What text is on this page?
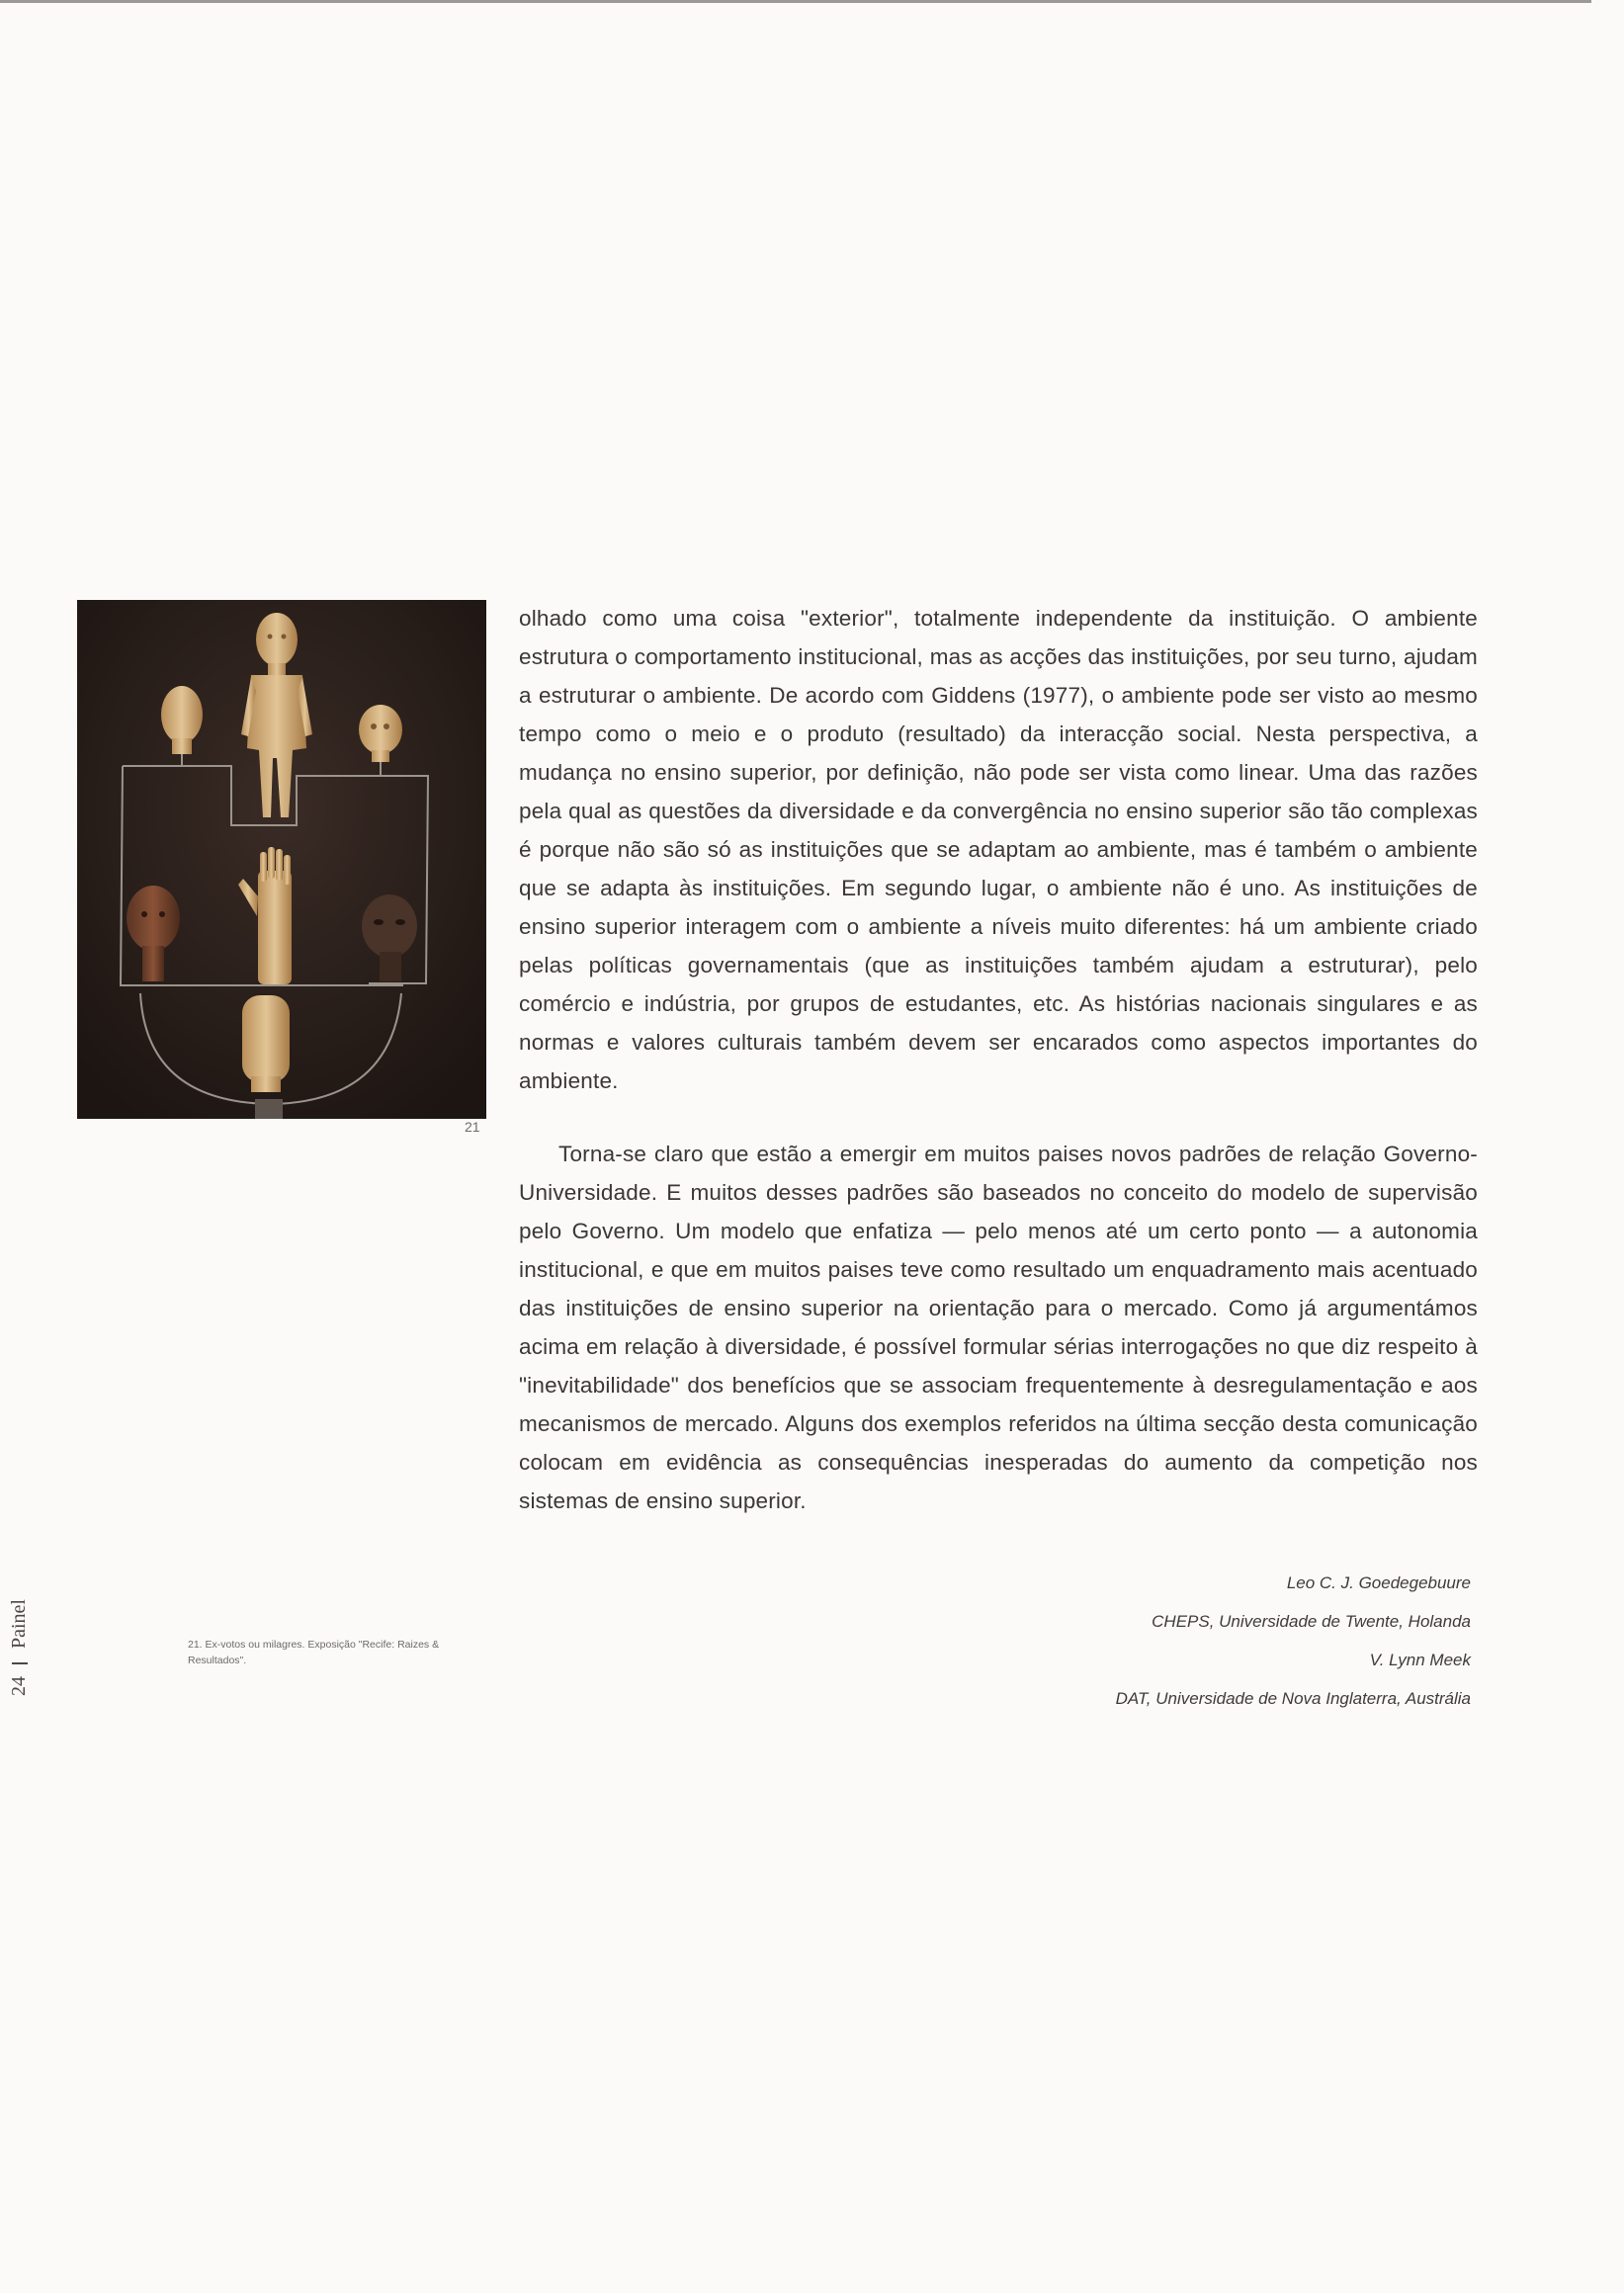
21

olhado como uma coisa "exterior", totalmente independente da instituição. O ambiente estrutura o comportamento institucional, mas as acções das instituições, por seu turno, ajudam a estruturar o ambiente. De acordo com Giddens (1977), o ambiente pode ser visto ao mesmo tempo como o meio e o produto (resultado) da interacção social. Nesta perspectiva, a mudança no ensino superior, por definição, não pode ser vista como linear. Uma das razões pela qual as questões da diversidade e da convergência no ensino superior são tão complexas é porque não são só as instituições que se adaptam ao ambiente, mas é também o ambiente que se adapta às instituições. Em segundo lugar, o ambiente não é uno. As instituições de ensino superior interagem com o ambiente a níveis muito diferentes: há um ambiente criado pelas políticas governamentais (que as instituições também ajudam a estruturar), pelo comércio e indústria, por grupos de estudantes, etc. As histórias nacionais singulares e as normas e valores culturais também devem ser encarados como aspectos importantes do ambiente.

Torna-se claro que estão a emergir em muitos paises novos padrões de relação Governo-Universidade. E muitos desses padrões são baseados no conceito do modelo de supervisão pelo Governo. Um modelo que enfatiza — pelo menos até um certo ponto — a autonomia institucional, e que em muitos paises teve como resultado um enquadramento mais acentuado das instituições de ensino superior na orientação para o mercado. Como já argumentámos acima em relação à diversidade, é possível formular sérias interrogações no que diz respeito à "inevitabilidade" dos benefícios que se associam frequentemente à desregulamentação e aos mecanismos de mercado. Alguns dos exemplos referidos na última secção desta comunicação colocam em evidência as consequências inesperadas do aumento da competição nos sistemas de ensino superior.

21. Ex-votos ou milagres. Exposição "Recife: Raizes & Resultados".
Leo C. J. Goedegebuure
CHEPS, Universidade de Twente, Holanda
V. Lynn Meek
DAT, Universidade de Nova Inglaterra, Austrália
Painel
24
